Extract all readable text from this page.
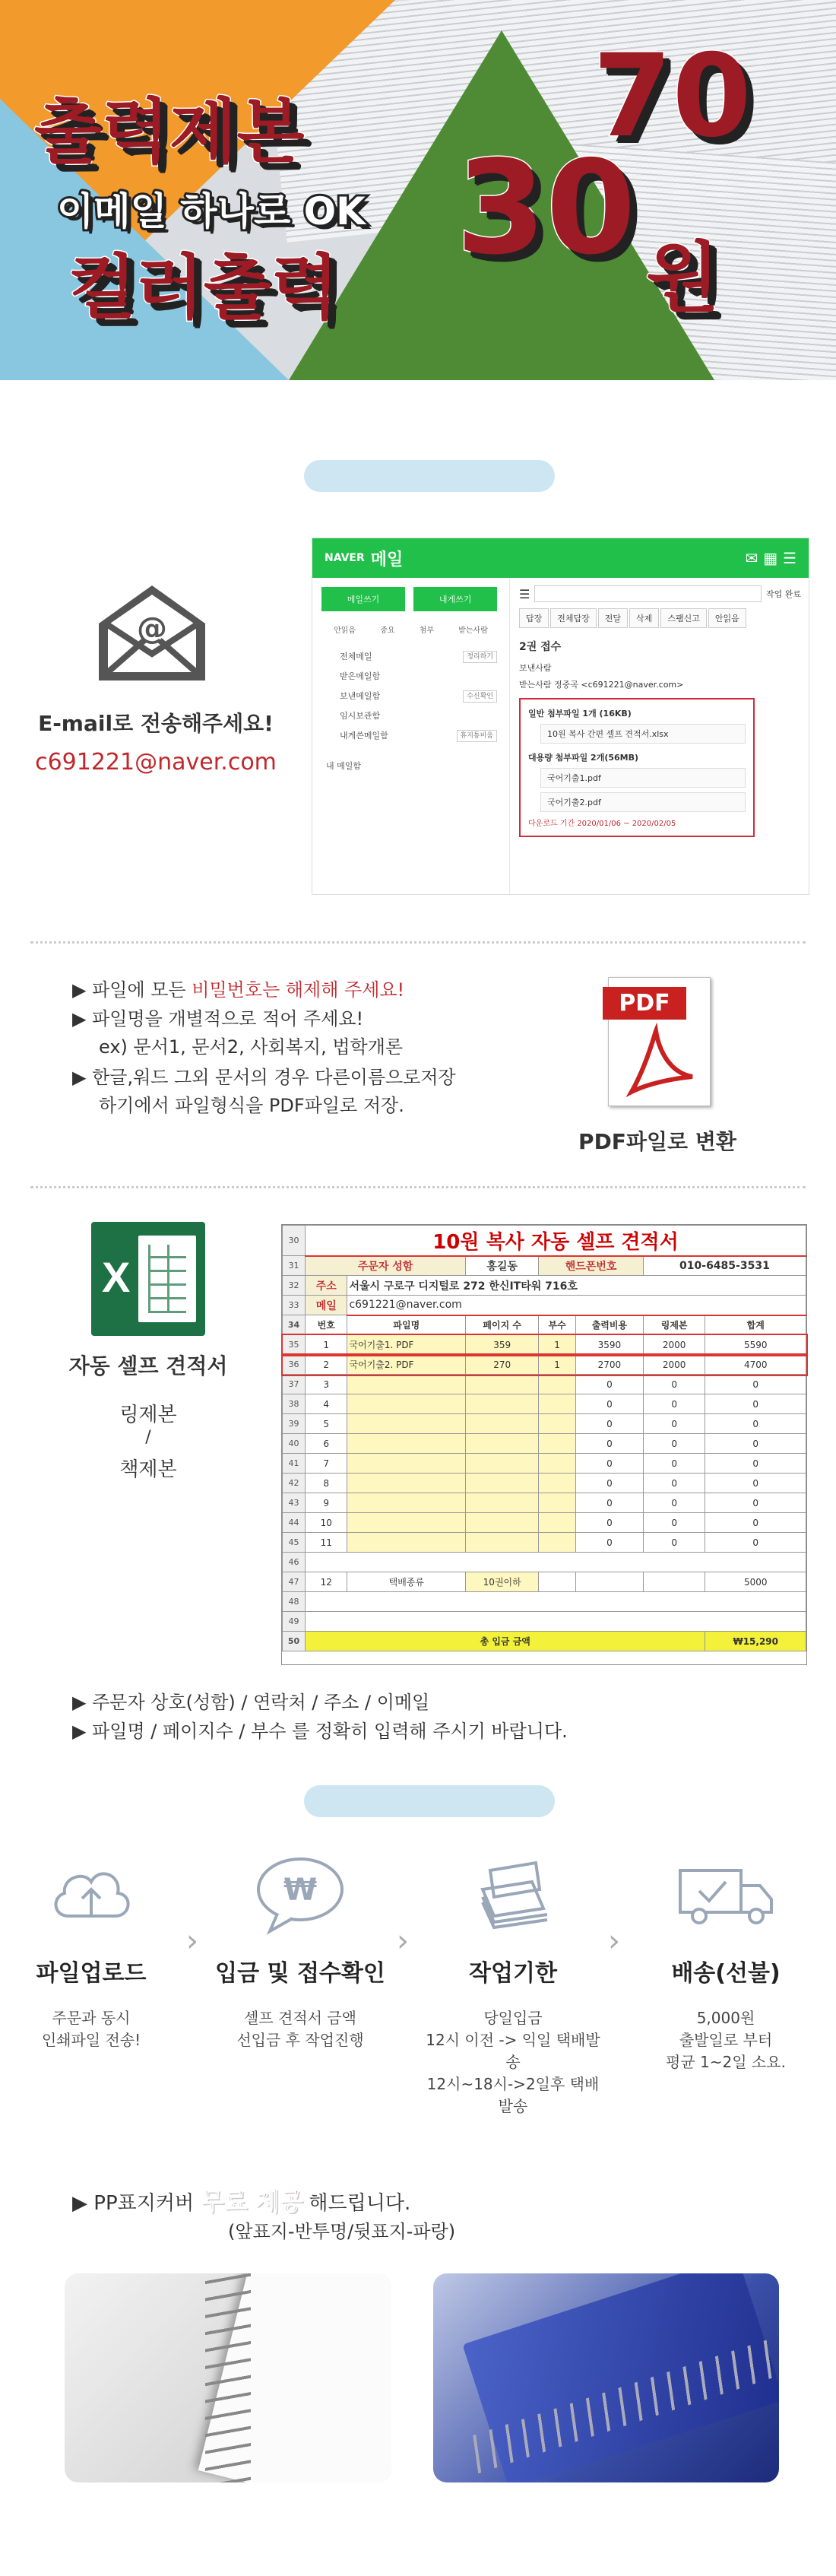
출력제본
이메일 하나로 OK
컬러출력
70
30 원
@
E-mail로 전송해주세요!
c691221@naver.com
NAVER 메일	✉ ▦ ☰
메일쓰기	내게쓰기
안읽음	중요	첨부	받는사람
전체메일	정리하기
받은메일함
보낸메일함	수신확인
임시보관함
내게쓴메일함	휴지통비움
내 메일함
☰	작업 완료
답장 전체답장 전달 삭제 스팸신고 안읽음
2권 접수
보낸사람
받는사람 정중곡 <c691221@naver.com>
일반 첨부파일 1개 (16KB)
10원 복사 간편 셀프 견적서.xlsx
대용량 첨부파일 2개(56MB)
국어기출1.pdf
국어기출2.pdf
다운로드 기간 2020/01/06 ~ 2020/02/05
▶ 파일에 모든 비밀번호는 해제해 주세요!
▶ 파일명을 개별적으로 적어 주세요!
ex) 문서1, 문서2, 사회복지, 법학개론
▶ 한글,워드 그외 문서의 경우 다른이름으로저장
하기에서 파일형식을 PDF파일로 저장.
PDF
PDF파일로 변환
X
자동 셀프 견적서
링제본
/
책제본
30	10원 복사 자동 셀프 견적서						
31	주문자 성함		홍길동	핸드폰번호		010-6485-3531	
32	주소	서울시 구로구 디지털로 272 한신IT타워 716호					
33	메일	c691221@naver.com					
34	번호	파일명	페이지 수	부수	출력비용	링제본	합계
35	1	국어기출1. PDF	359	1	3590	2000	5590
36	2	국어기출2. PDF	270	1	2700	2000	4700
37	3				0	0	0
38	4				0	0	0
39	5				0	0	0
40	6				0	0	0
41	7				0	0	0
42	8				0	0	0
43	9				0	0	0
44	10				0	0	0
45	11				0	0	0
46							
47	12	택배종류	10권이하				5000
48							
49							
50	총 입금 금액						₩15,290
▶ 주문자 상호(성함) / 연락처 / 주소 / 이메일
▶ 파일명 / 페이지수 / 부수 를 정확히 입력해 주시기 바랍니다.
파일업로드

주문과 동시
인쇄파일 전송!

›
₩
입금 및 접수확인

셀프 견적서 금액
선입금 후 작업진행

›
작업기한

당일입금
12시 이전 -> 익일 택배발송
12시~18시->2일후 택배발송

›
배송(선불)

5,000원
출발일로 부터
평균 1~2일 소요.

▶ PP표지커버 무료 제공 해드립니다.
(앞표지-반투명/뒷표지-파랑)
